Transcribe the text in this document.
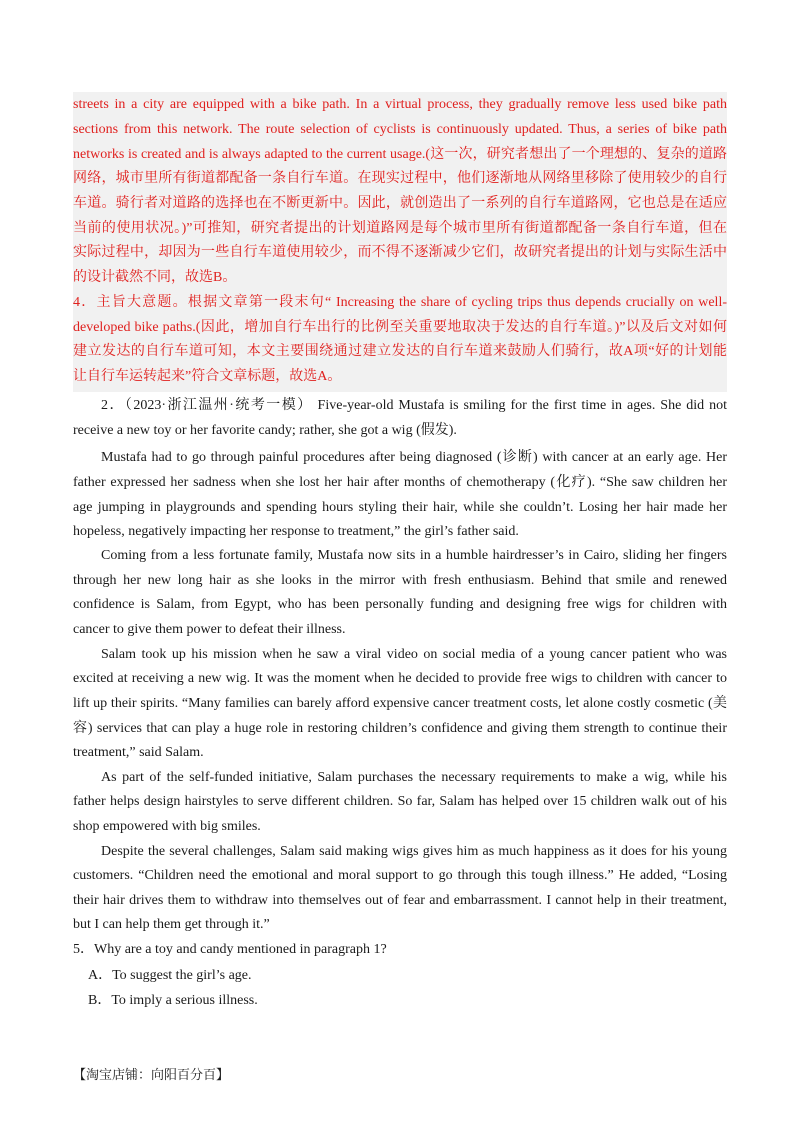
streets in a city are equipped with a bike path. In a virtual process, they gradually remove less used bike path
sections from this network. The route selection of cyclists is continuously updated. Thus, a series of bike path
networks is created and is always adapted to the current usage.(这一次，研究者想出了一个理想的、复杂的道路
网络，城市里所有街道都配备一条自行车道。在现实过程中，他们逐渐地从网络里移除了使用较少的自行
车道。骑行者对道路的选择也在不断更新中。因此，就创造出了一系列的自行车道路网，它也总是在适应
当前的使用状况。)”可推知，研究者提出的计划道路网是每个城市里所有街道都配备一条自行车道，但在
实际过程中，却因为一些自行车道使用较少，而不得不逐渐减少它们，故研究者提出的计划与实际生活中
的设计截然不同，故选B。
4．主旨大意题。根据文章第一段末句“ Increasing the share of cycling trips thus depends crucially on well-
developed bike paths.(因此，增加自行车出行的比例至关重要地取决于发达的自行车道。)”以及后文对如何
建立发达的自行车道可知，本文主要围绕通过建立发达的自行车道来鼓励人们骑行，故A项“好的计划能
让自行车运转起来”符合文章标题，故选A。
2．（2023·浙江温州·统考一模） Five-year-old Mustafa is smiling for the first time in ages. She did not
receive a new toy or her favorite candy; rather, she got a wig (假发).
Mustafa had to go through painful procedures after being diagnosed (诊断) with cancer at an early age. Her
father expressed her sadness when she lost her hair after months of chemotherapy (化疗). “She saw children her
age jumping in playgrounds and spending hours styling their hair, while she couldn’t. Losing her hair made her
hopeless, negatively impacting her response to treatment,” the girl’s father said.
Coming from a less fortunate family, Mustafa now sits in a humble hairdresser’s in Cairo, sliding her fingers
through her new long hair as she looks in the mirror with fresh enthusiasm. Behind that smile and renewed
confidence is Salam, from Egypt, who has been personally funding and designing free wigs for children with
cancer to give them power to defeat their illness.
Salam took up his mission when he saw a viral video on social media of a young cancer patient who was
excited at receiving a new wig. It was the moment when he decided to provide free wigs to children with cancer to
lift up their spirits. “Many families can barely afford expensive cancer treatment costs, let alone costly cosmetic (美
容) services that can play a huge role in restoring children’s confidence and giving them strength to continue their
treatment,” said Salam.
As part of the self-funded initiative, Salam purchases the necessary requirements to make a wig, while his
father helps design hairstyles to serve different children. So far, Salam has helped over 15 children walk out of his
shop empowered with big smiles.
Despite the several challenges, Salam said making wigs gives him as much happiness as it does for his young
customers. “Children need the emotional and moral support to go through this tough illness.” He added, “Losing
their hair drives them to withdraw into themselves out of fear and embarrassment. I cannot help in their treatment,
but I can help them get through it.”
5．Why are a toy and candy mentioned in paragraph 1?
A．To suggest the girl’s age.
B．To imply a serious illness.
【淘宝店铺：向阳百分百】
